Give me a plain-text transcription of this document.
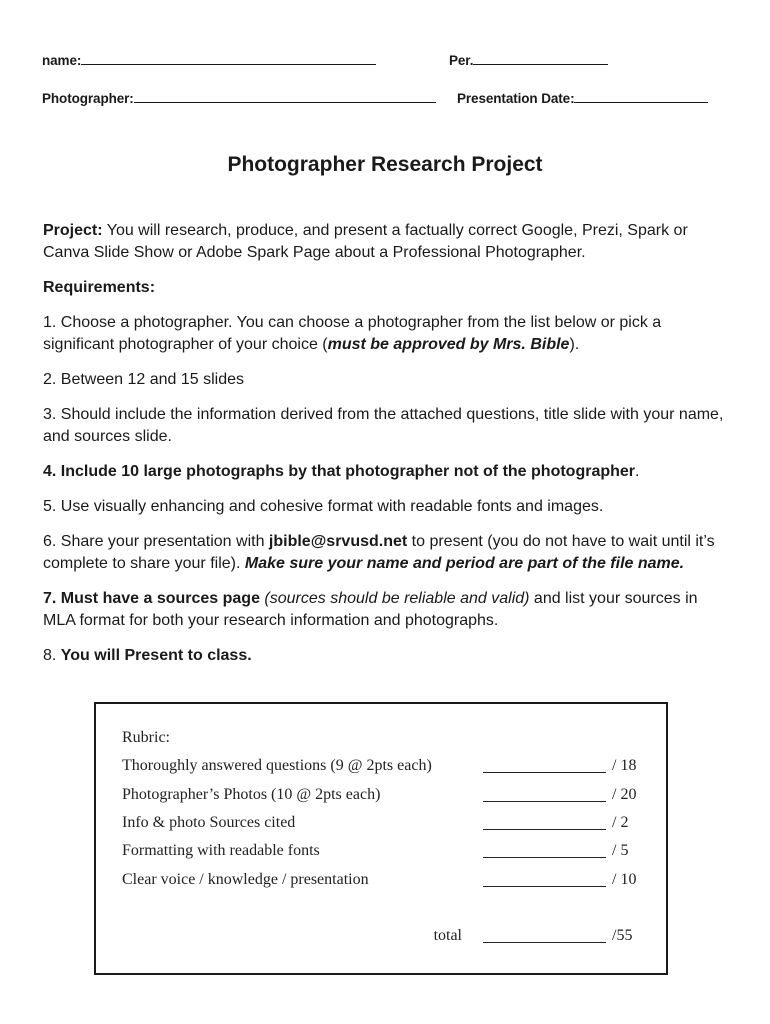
name:	Per.
Photographer:	Presentation Date:
Photographer Research Project

Project: You will research, produce, and present a factually correct Google, Prezi, Spark or Canva Slide Show or Adobe Spark Page about a Professional Photographer.

Requirements:

1. Choose a photographer. You can choose a photographer from the list below or pick a significant photographer of your choice (must be approved by Mrs. Bible).

2. Between 12 and 15 slides

3. Should include the information derived from the attached questions, title slide with your name, and sources slide.

4. Include 10 large photographs by that photographer not of the photographer.

5. Use visually enhancing and cohesive format with readable fonts and images.

6. Share your presentation with jbible@srvusd.net to present (you do not have to wait until it’s complete to share your file). Make sure your name and period are part of the file name.

7. Must have a sources page (sources should be reliable and valid) and list your sources in MLA format for both your research information and photographs.

8. You will Present to class.

Rubric:
Thoroughly answered questions (9 @ 2pts each)	/ 18
Photographer’s Photos (10 @ 2pts each)	/ 20
Info & photo Sources cited	/ 2
Formatting with readable fonts	/ 5
Clear voice / knowledge / presentation	/ 10
total	/55
